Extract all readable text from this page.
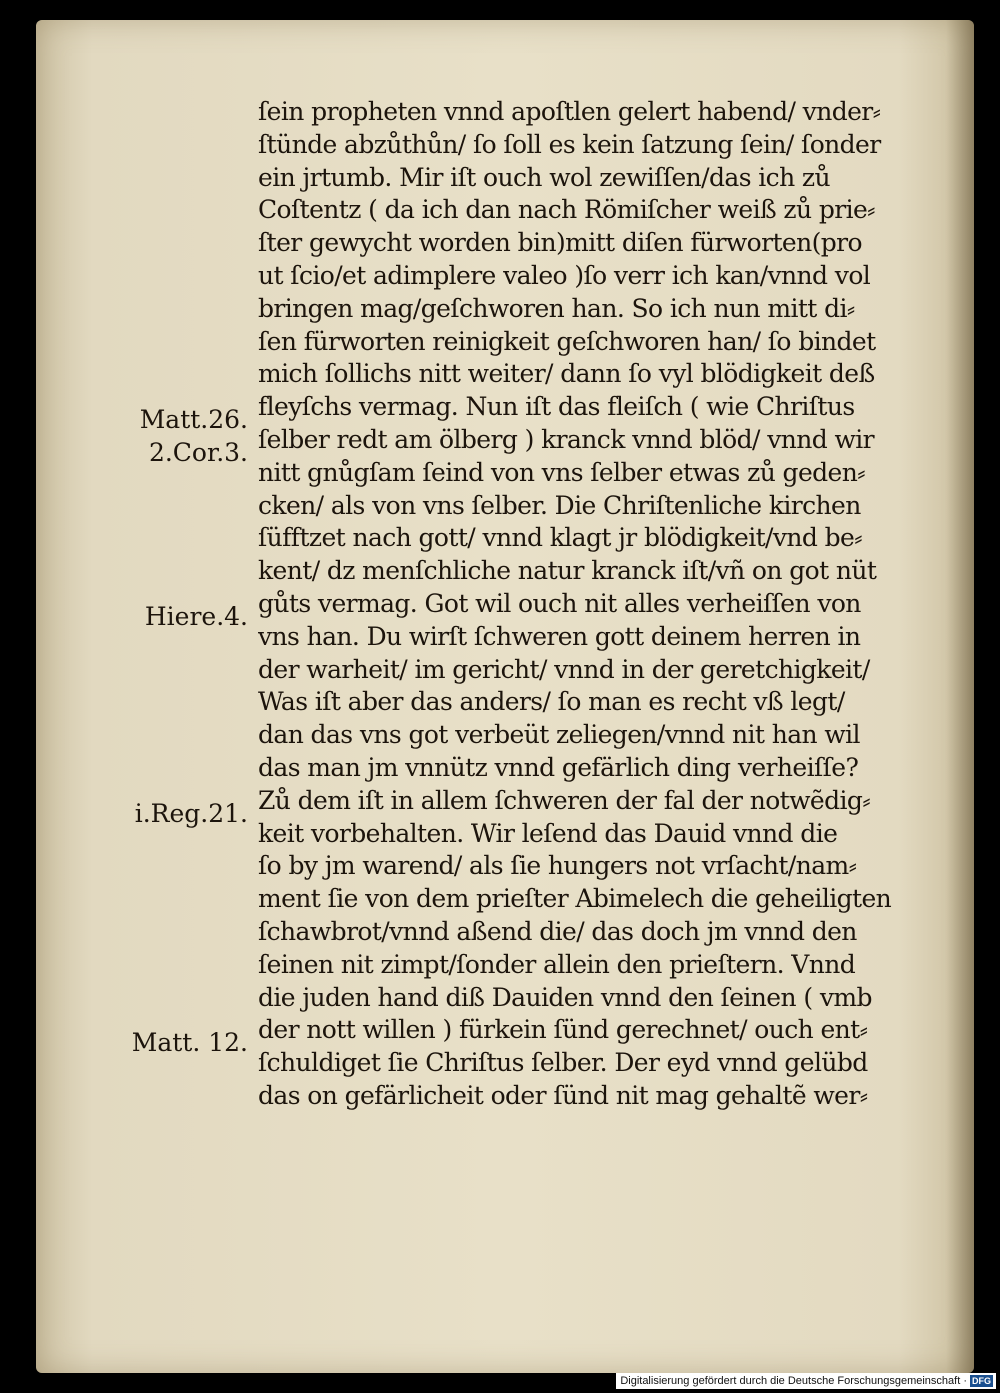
ſein propheten vnnd apoſtlen gelert habend/ vnder⸗
ſtünde abzůthůn/ ſo ſoll es kein ſatzung ſein/ ſonder
ein jrtumb. Mir iſt ouch wol zewiſſen/das ich zů
Coſtentz ( da ich dan nach Römiſcher weiß zů prie⸗
ſter gewycht worden bin)mitt diſen fürworten(pro
ut ſcio/et adimplere valeo )ſo verr ich kan/vnnd vol
bringen mag/geſchworen han. So ich nun mitt di⸗
ſen fürworten reinigkeit geſchworen han/ ſo bindet
mich ſollichs nitt weiter/ dann ſo vyl blödigkeit deß
fleyſchs vermag. Nun iſt das fleiſch ( wie Chriſtus
ſelber redt am ölberg ) kranck vnnd blöd/ vnnd wir
nitt gnůgſam ſeind von vns ſelber etwas zů geden⸗
cken/ als von vns ſelber. Die Chriſtenliche kirchen
ſüfftzet nach gott/ vnnd klagt jr blödigkeit/vnd be⸗
kent/ dz menſchliche natur kranck iſt/vñ on got nüt
gůts vermag. Got wil ouch nit alles verheiſſen von
vns han. Du wirſt ſchweren gott deinem herren in
der warheit/ im gericht/ vnnd in der geretchigkeit/
Was iſt aber das anders/ ſo man es recht vß legt/
dan das vns got verbeüt zeliegen/vnnd nit han wil
das man jm vnnütz vnnd gefärlich ding verheiſſe?
Zů dem iſt in allem ſchweren der fal der notwẽdig⸗
keit vorbehalten. Wir leſend das Dauid vnnd die
ſo by jm warend/ als ſie hungers not vrſacht/nam⸗
ment ſie von dem prieſter Abimelech die geheiligten
ſchawbrot/vnnd aßend die/ das doch jm vnnd den
ſeinen nit zimpt/ſonder allein den prieſtern. Vnnd
die juden hand diß Dauiden vnnd den ſeinen ( vmb
der nott willen ) fürkein ſünd gerechnet/ ouch ent⸗
ſchuldiget ſie Chriſtus ſelber. Der eyd vnnd gelübd
das on gefärlicheit oder ſünd nit mag gehaltẽ wer⸗
Matt.26.
2.Cor.3.
Hiere.4.
i.Reg.21.
Matt. 12.
Digitalisierung gefördert durch die Deutsche Forschungsgemeinschaft · DFG
